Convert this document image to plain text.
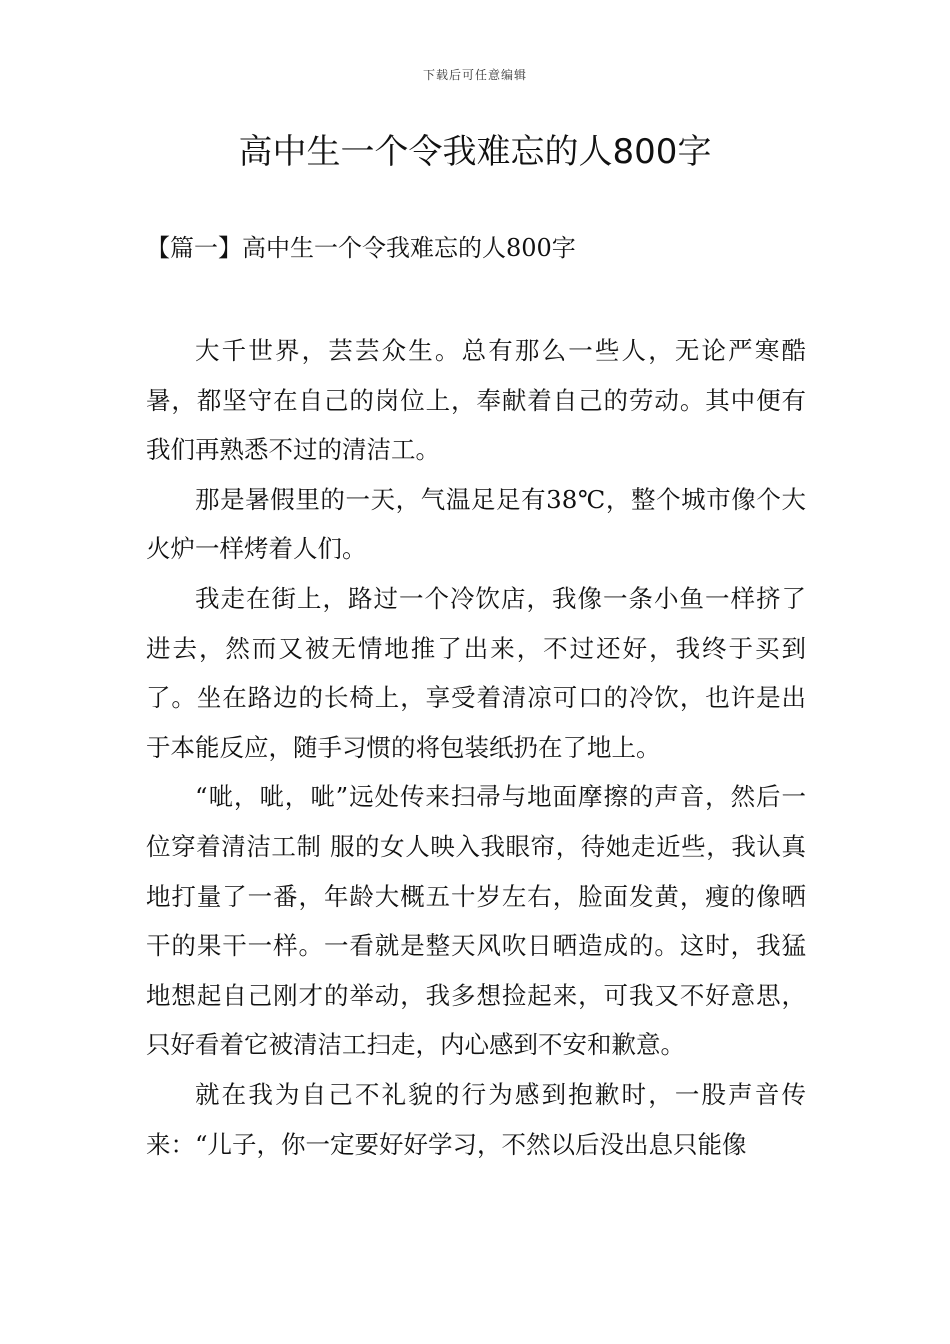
下载后可任意编辑
高中生一个令我难忘的人800字
【篇一】高中生一个令我难忘的人800字

大千世界，芸芸众生。总有那么一些人，无论严寒酷暑，都坚守在自己的岗位上，奉献着自己的劳动。其中便有我们再熟悉不过的清洁工。

那是暑假里的一天，气温足足有38℃，整个城市像个大火炉一样烤着人们。

我走在街上，路过一个冷饮店，我像一条小鱼一样挤了进去，然而又被无情地推了出来，不过还好，我终于买到了。坐在路边的长椅上，享受着清凉可口的冷饮，也许是出于本能反应，随手习惯的将包装纸扔在了地上。

“呲，呲，呲”远处传来扫帚与地面摩擦的声音，然后一位穿着清洁工制 服的女人映入我眼帘，待她走近些，我认真地打量了一番，年龄大概五十岁左右，脸面发黄，瘦的像晒干的果干一样。一看就是整天风吹日晒造成的。这时，我猛地想起自己刚才的举动，我多想捡起来，可我又不好意思，只好看着它被清洁工扫走，内心感到不安和歉意。

就在我为自己不礼貌的行为感到抱歉时，一股声音传来：“儿子，你一定要好好学习，不然以后没出息只能像
